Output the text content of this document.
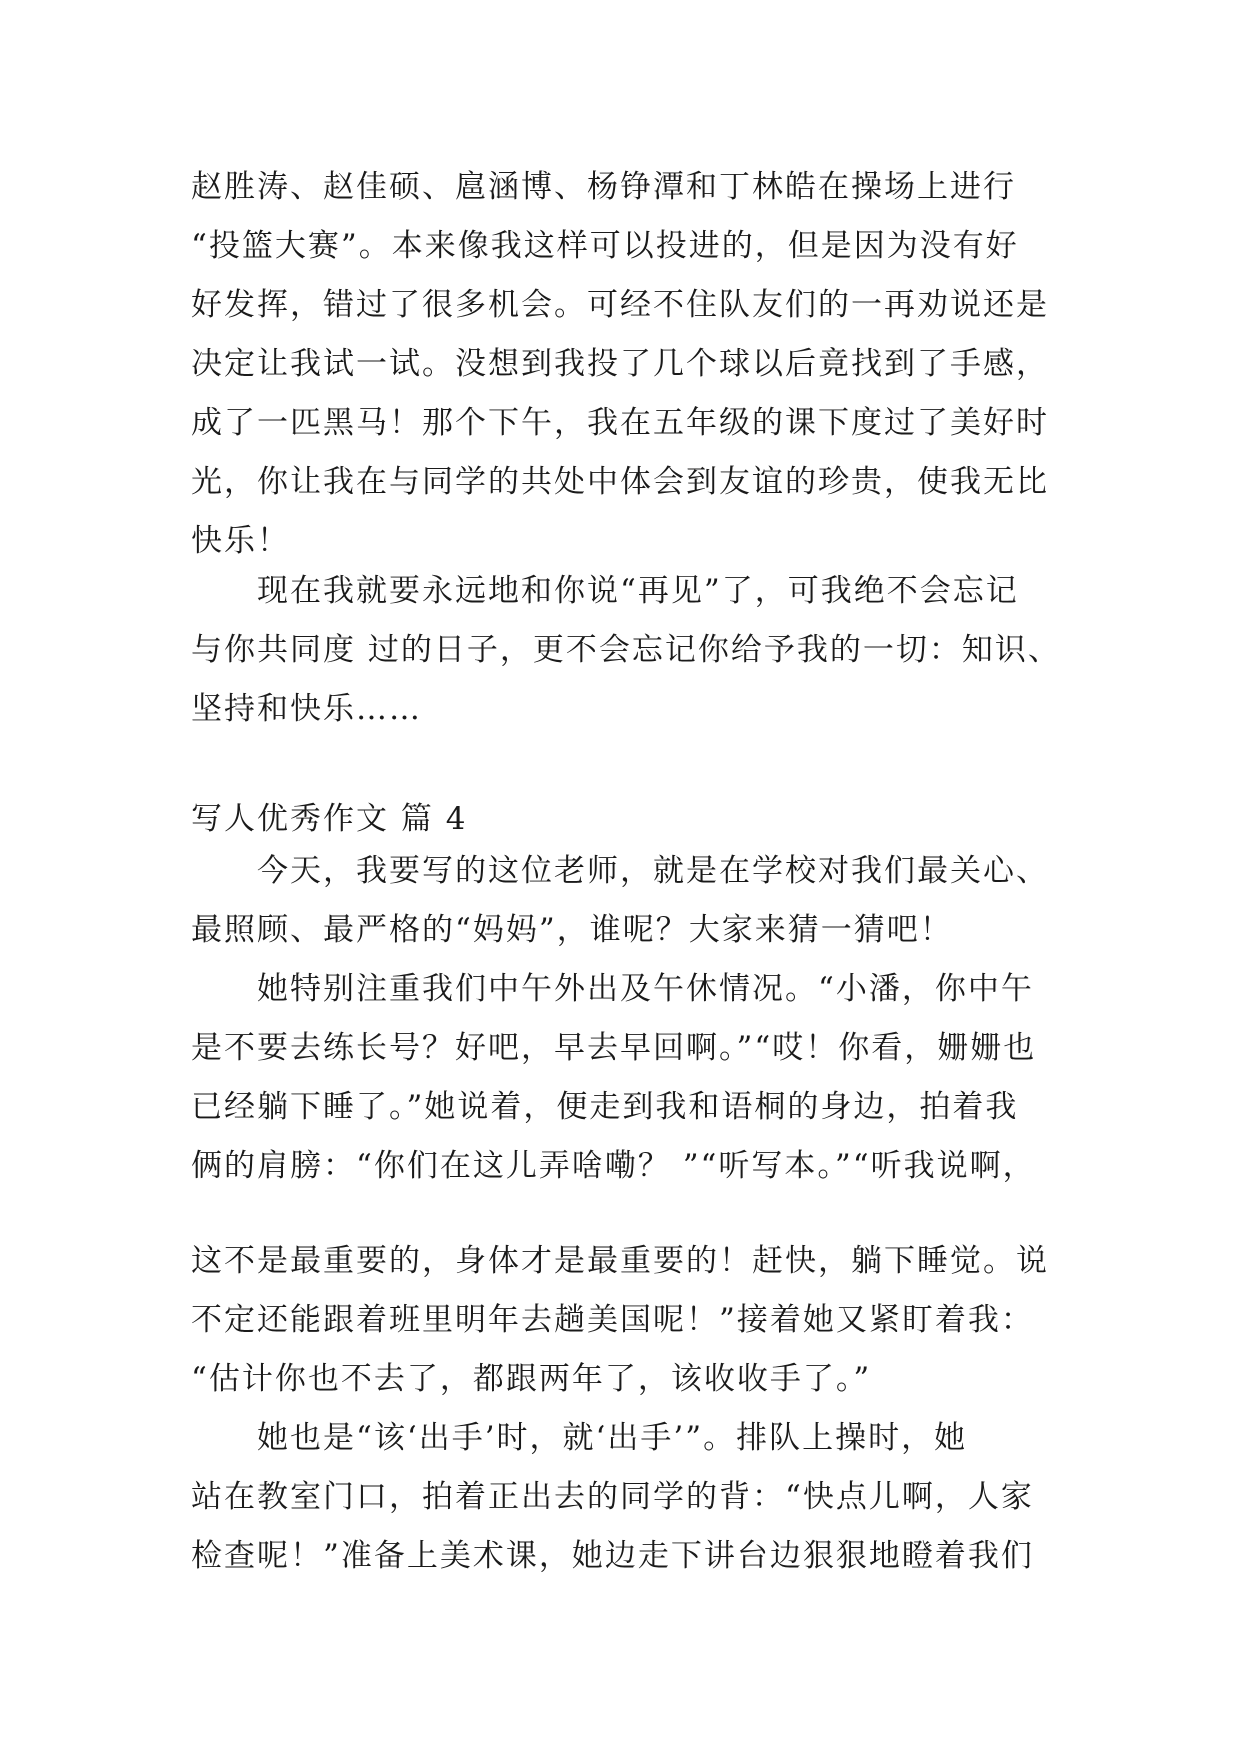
赵胜涛、赵佳硕、扈涵博、杨铮潭和丁林皓在操场上进行
“投篮大赛”。本来像我这样可以投进的，但是因为没有好
好发挥，错过了很多机会。可经不住队友们的一再劝说还是
决定让我试一试。没想到我投了几个球以后竟找到了手感，
成了一匹黑马！那个下午，我在五年级的课下度过了美好时
光，你让我在与同学的共处中体会到友谊的珍贵，使我无比
快乐！
现在我就要永远地和你说“再见”了，可我绝不会忘记
与你共同度 过的日子，更不会忘记你给予我的一切：知识、
坚持和快乐……
写人优秀作文 篇 4
今天，我要写的这位老师，就是在学校对我们最关心、
最照顾、最严格的“妈妈”，谁呢？大家来猜一猜吧！
她特别注重我们中午外出及午休情况。“小潘，你中午
是不要去练长号？好吧，早去早回啊。”“哎！你看，姗姗也
已经躺下睡了。”她说着，便走到我和语桐的身边，拍着我
俩的肩膀：“你们在这儿弄啥嘞？ ”“听写本。”“听我说啊，
这不是最重要的，身体才是最重要的！赶快，躺下睡觉。说
不定还能跟着班里明年去趟美国呢！”接着她又紧盯着我：
“估计你也不去了，都跟两年了，该收收手了。”
她也是“该‘出手’时，就‘出手’”。排队上操时，她
站在教室门口，拍着正出去的同学的背：“快点儿啊，人家
检查呢！”准备上美术课，她边走下讲台边狠狠地瞪着我们
